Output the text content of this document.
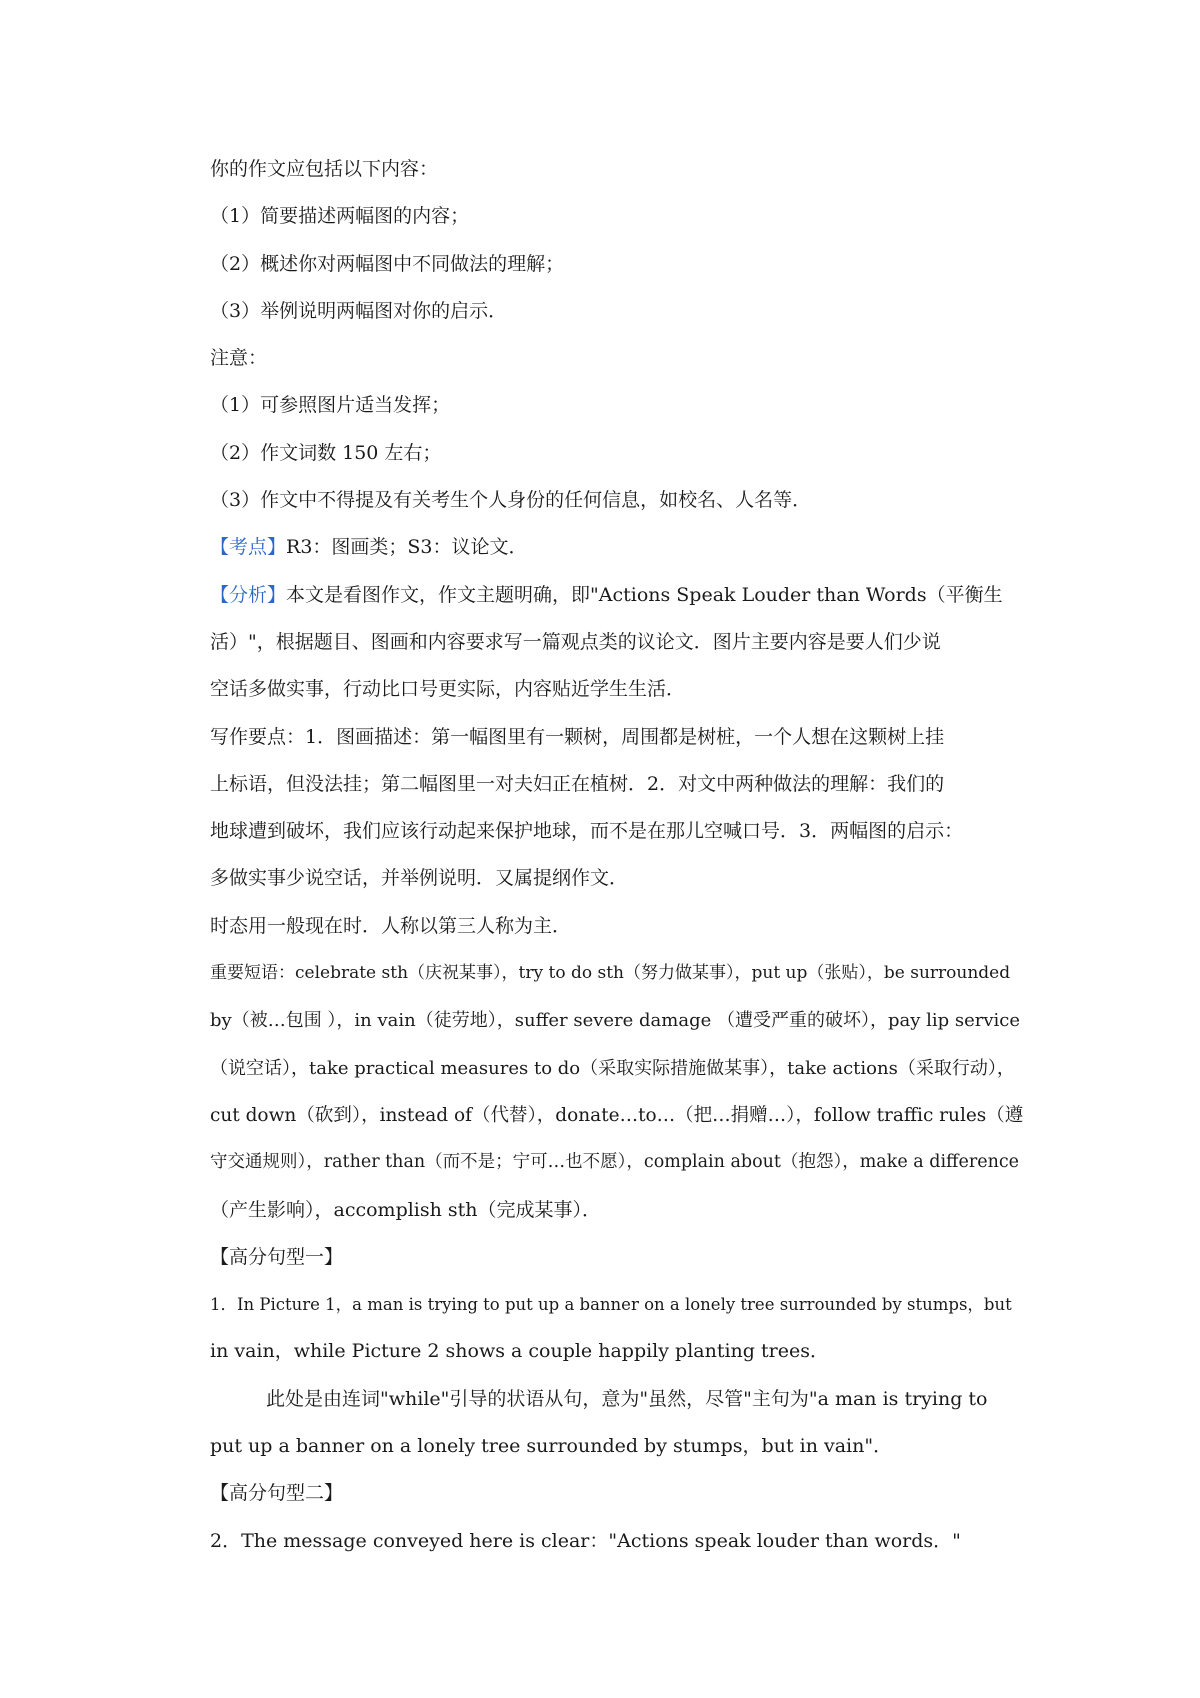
你的作文应包括以下内容：
（1）简要描述两幅图的内容；
（2）概述你对两幅图中不同做法的理解；
（3）举例说明两幅图对你的启示．
注意：
（1）可参照图片适当发挥；
（2）作文词数 150 左右；
（3）作文中不得提及有关考生个人身份的任何信息，如校名、人名等．
【考点】R3：图画类；S3：议论文．
【分析】本文是看图作文，作文主题明确，即"Actions Speak Louder than Words（平衡生
活）"，根据题目、图画和内容要求写一篇观点类的议论文．图片主要内容是要人们少说
空话多做实事，行动比口号更实际，内容贴近学生生活．
写作要点：1．图画描述：第一幅图里有一颗树，周围都是树桩，一个人想在这颗树上挂
上标语，但没法挂；第二幅图里一对夫妇正在植树．2．对文中两种做法的理解：我们的
地球遭到破坏，我们应该行动起来保护地球，而不是在那儿空喊口号．3．两幅图的启示：
多做实事少说空话，并举例说明．又属提纲作文．
时态用一般现在时．人称以第三人称为主．
重要短语：celebrate sth（庆祝某事），try to do sth（努力做某事），put up（张贴），be surrounded
by（被…包围 ），in vain（徒劳地），suffer severe damage （遭受严重的破坏），pay lip service
（说空话），take practical measures to do（采取实际措施做某事），take actions（采取行动），
cut down（砍到），instead of（代替），donate…to…（把…捐赠…），follow traffic rules（遵
守交通规则），rather than（而不是；宁可…也不愿），complain about（抱怨），make a difference
（产生影响），accomplish sth（完成某事）．
【高分句型一】
1．In Picture 1，a man is trying to put up a banner on a lonely tree surrounded by stumps，but
in vain，while Picture 2 shows a couple happily planting trees．
此处是由连词"while"引导的状语从句，意为"虽然，尽管"主句为"a man is trying to
put up a banner on a lonely tree surrounded by stumps，but in vain"．
【高分句型二】
2．The message conveyed here is clear："Actions speak louder than words．"
